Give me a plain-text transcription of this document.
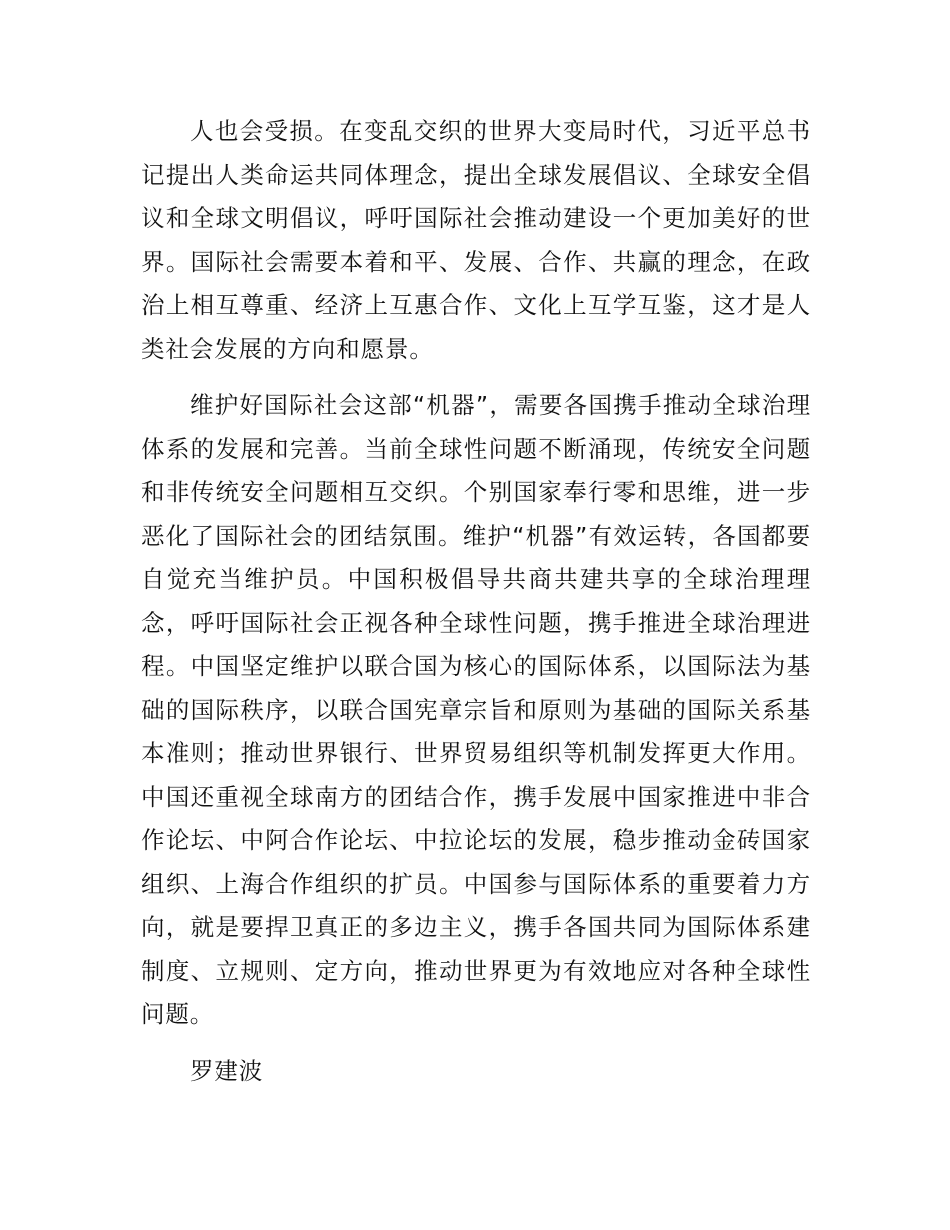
人也会受损。在变乱交织的世界大变局时代，习近平总书记提出人类命运共同体理念，提出全球发展倡议、全球安全倡议和全球文明倡议，呼吁国际社会推动建设一个更加美好的世界。国际社会需要本着和平、发展、合作、共赢的理念，在政治上相互尊重、经济上互惠合作、文化上互学互鉴，这才是人类社会发展的方向和愿景。

维护好国际社会这部“机器”，需要各国携手推动全球治理体系的发展和完善。当前全球性问题不断涌现，传统安全问题和非传统安全问题相互交织。个别国家奉行零和思维，进一步恶化了国际社会的团结氛围。维护“机器”有效运转，各国都要自觉充当维护员。中国积极倡导共商共建共享的全球治理理念，呼吁国际社会正视各种全球性问题，携手推进全球治理进程。中国坚定维护以联合国为核心的国际体系，以国际法为基础的国际秩序，以联合国宪章宗旨和原则为基础的国际关系基本准则；推动世界银行、世界贸易组织等机制发挥更大作用。中国还重视全球南方的团结合作，携手发展中国家推进中非合作论坛、中阿合作论坛、中拉论坛的发展，稳步推动金砖国家组织、上海合作组织的扩员。中国参与国际体系的重要着力方向，就是要捍卫真正的多边主义，携手各国共同为国际体系建制度、立规则、定方向，推动世界更为有效地应对各种全球性问题。

罗建波
